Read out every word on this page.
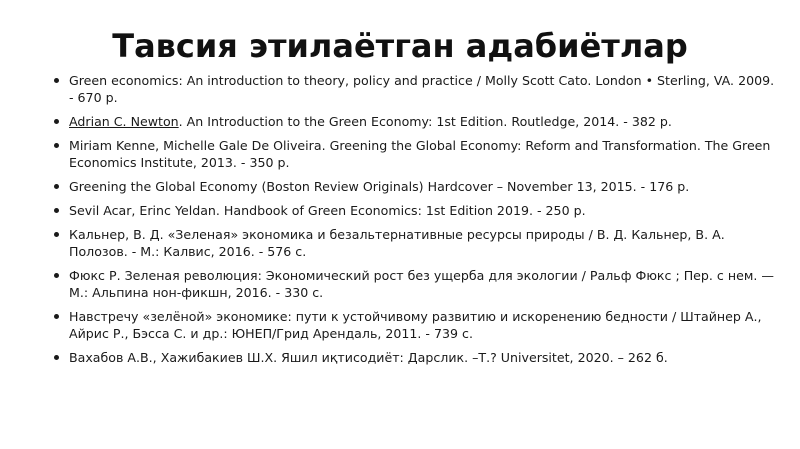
Тавсия этилаётган адабиётлар
Green economics: An introduction to theory, policy and practice / Molly Scott Cato. London • Sterling, VA. 2009. - 670 p.
Adrian C. Newton. An Introduction to the Green Economy: 1st Edition. Routledge, 2014. - 382 p.
Miriam Kenne, Michelle Gale De Oliveira. Greening the Global Economy: Reform and Transformation. The Green Economics Institute, 2013. - 350 p.
Greening the Global Economy (Boston Review Originals) Hardcover – November 13, 2015. - 176 p.
Sevil Acar, Erinc Yeldan. Handbook of Green Economics: 1st Edition 2019. - 250 p.
Кальнер, В. Д. «Зеленая» экономика и безальтернативные ресурсы природы / В. Д. Кальнер, В. А. Полозов. - М.: Калвис, 2016. - 576 с.
Фюкс Р. Зеленая революция: Экономический рост без ущерба для экологии / Ральф Фюкс ; Пер. с нем. — М.: Альпина нон-фикшн, 2016. - 330 с.
Навстречу «зелёной» экономике: пути к устойчивому развитию и искоренению бедности / Штайнер А., Айрис Р., Бэсса С. и др.: ЮНЕП/Грид Арендаль, 2011. - 739 с.
Вахабов А.В., Хажибакиев Ш.Х. Яшил иқтисодиёт: Дарслик. –Т.? Universitet, 2020. – 262 б.
